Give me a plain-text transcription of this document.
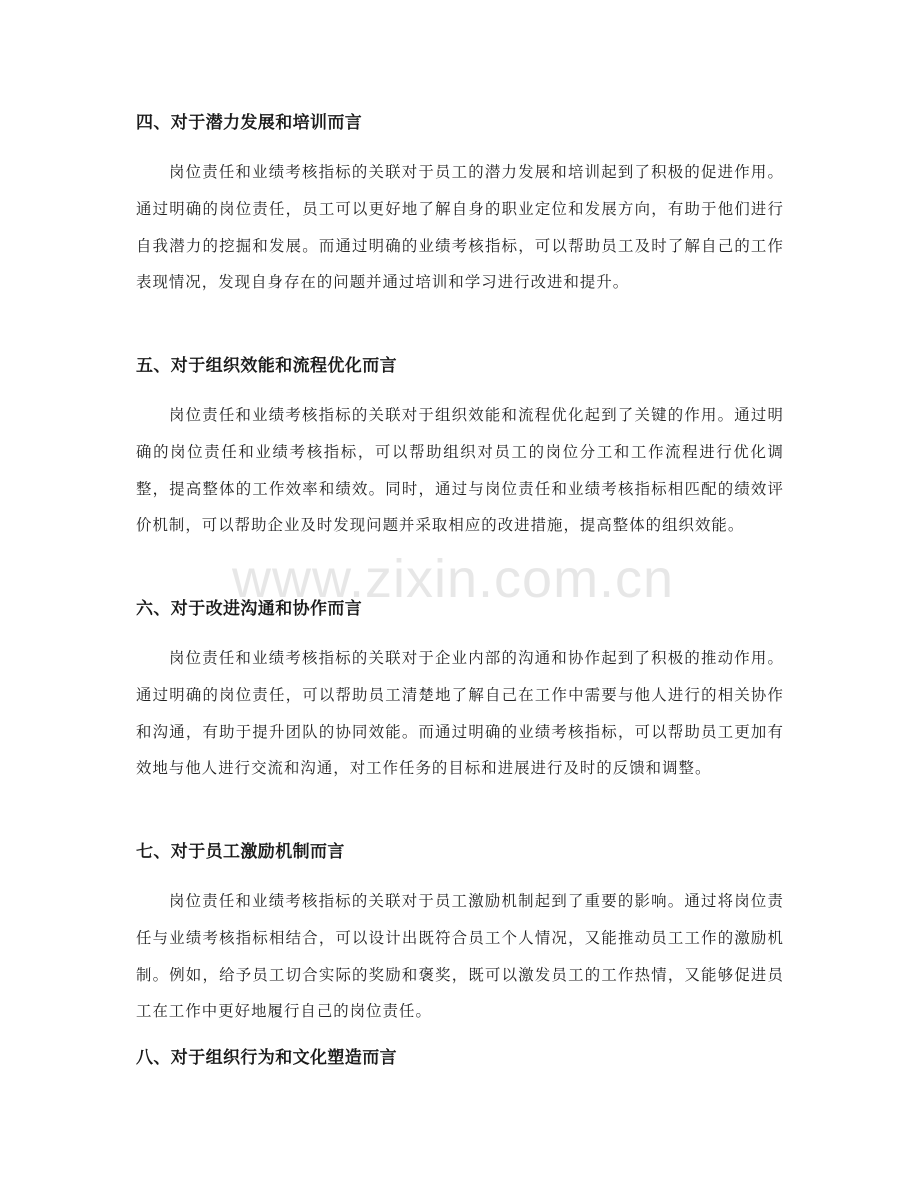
四、对于潜力发展和培训而言
岗位责任和业绩考核指标的关联对于员工的潜力发展和培训起到了积极的促进作用。通过明确的岗位责任，员工可以更好地了解自身的职业定位和发展方向，有助于他们进行自我潜力的挖掘和发展。而通过明确的业绩考核指标，可以帮助员工及时了解自己的工作表现情况，发现自身存在的问题并通过培训和学习进行改进和提升。
五、对于组织效能和流程优化而言
岗位责任和业绩考核指标的关联对于组织效能和流程优化起到了关键的作用。通过明确的岗位责任和业绩考核指标，可以帮助组织对员工的岗位分工和工作流程进行优化调整，提高整体的工作效率和绩效。同时，通过与岗位责任和业绩考核指标相匹配的绩效评价机制，可以帮助企业及时发现问题并采取相应的改进措施，提高整体的组织效能。
六、对于改进沟通和协作而言
岗位责任和业绩考核指标的关联对于企业内部的沟通和协作起到了积极的推动作用。通过明确的岗位责任，可以帮助员工清楚地了解自己在工作中需要与他人进行的相关协作和沟通，有助于提升团队的协同效能。而通过明确的业绩考核指标，可以帮助员工更加有效地与他人进行交流和沟通，对工作任务的目标和进展进行及时的反馈和调整。
七、对于员工激励机制而言
岗位责任和业绩考核指标的关联对于员工激励机制起到了重要的影响。通过将岗位责任与业绩考核指标相结合，可以设计出既符合员工个人情况，又能推动员工工作的激励机制。例如，给予员工切合实际的奖励和褒奖，既可以激发员工的工作热情，又能够促进员工在工作中更好地履行自己的岗位责任。
八、对于组织行为和文化塑造而言
www.zixin.com.cn
